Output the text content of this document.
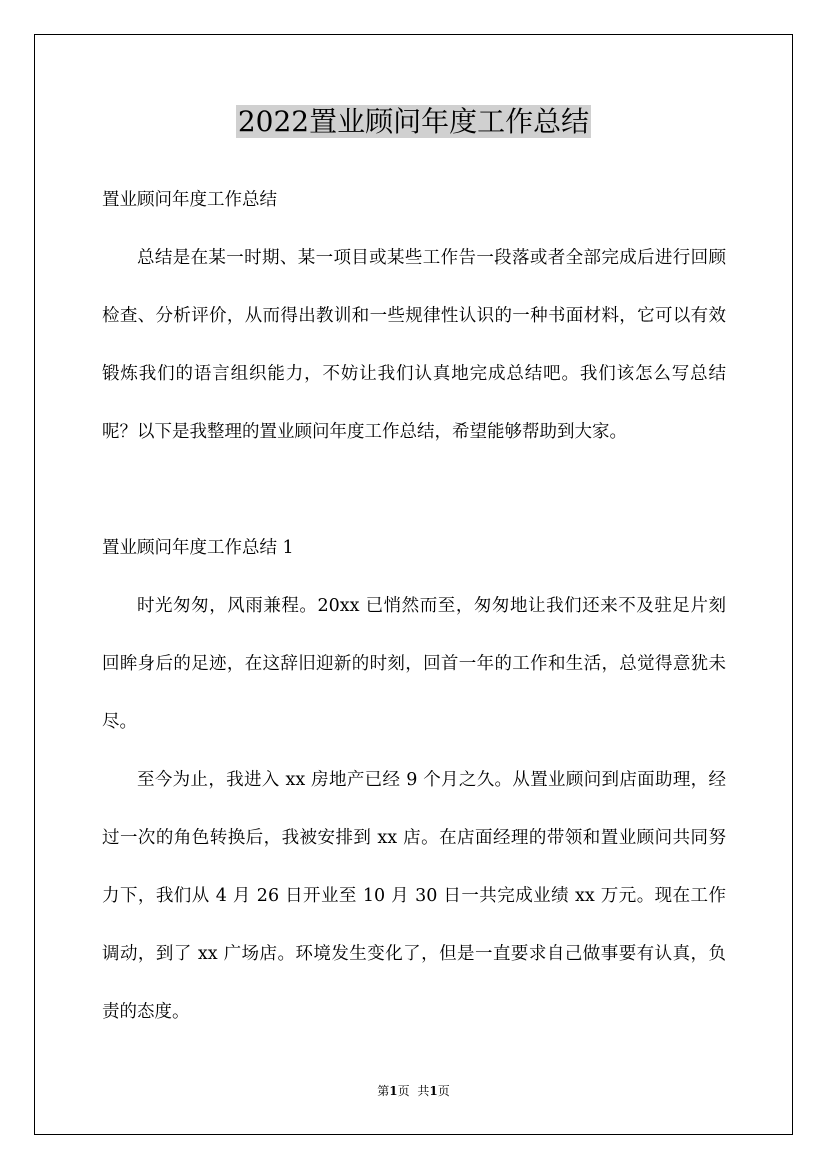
2022置业顾问年度工作总结

置业顾问年度工作总结

总结是在某一时期、某一项目或某些工作告一段落或者全部完成后进行回顾检查、分析评价，从而得出教训和一些规律性认识的一种书面材料，它可以有效锻炼我们的语言组织能力，不妨让我们认真地完成总结吧。我们该怎么写总结呢？以下是我整理的置业顾问年度工作总结，希望能够帮助到大家。

置业顾问年度工作总结 1

时光匆匆，风雨兼程。20xx 已悄然而至，匆匆地让我们还来不及驻足片刻回眸身后的足迹，在这辞旧迎新的时刻，回首一年的工作和生活，总觉得意犹未尽。

至今为止，我进入 xx 房地产已经 9 个月之久。从置业顾问到店面助理，经过一次的角色转换后，我被安排到 xx 店。在店面经理的带领和置业顾问共同努力下，我们从 4 月 26 日开业至 10 月 30 日一共完成业绩 xx 万元。现在工作调动，到了 xx 广场店。环境发生变化了，但是一直要求自己做事要有认真，负责的态度。

第1页 共1页
